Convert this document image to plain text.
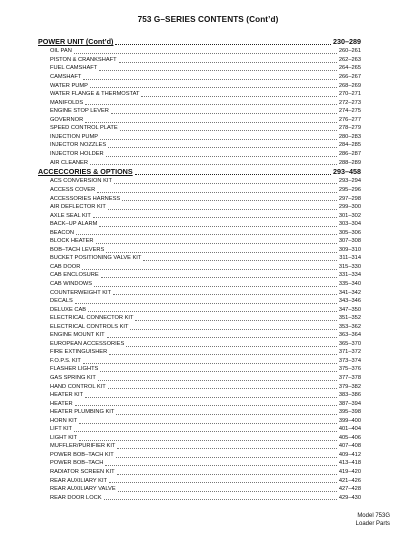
753 G–SERIES CONTENTS (Cont’d)
POWER UNIT (Cont’d)	230–289
OIL PAN	260–261
PISTON & CRANKSHAFT	262–263
FUEL CAMSHAFT	264–265
CAMSHAFT	266–267
WATER PUMP	268–269
WATER FLANGE & THERMOSTAT	270–271
MANIFOLDS	272–273
ENGINE STOP LEVER	274–275
GOVERNOR	276–277
SPEED CONTROL PLATE	278–279
INJECTION PUMP	280–283
INJECTOR NOZZLES	284–285
INJECTOR HOLDER	286–287
AIR CLEANER	288–289
ACCECCORIES & OPTIONS	293–458
ACS CONVERSION KIT	293–294
ACCESS COVER	295–296
ACCESSORIES HARNESS	297–298
AIR DEFLECTOR KIT	299–300
AXLE SEAL KIT	301–302
BACK–UP ALARM	303–304
BEACON	305–306
BLOCK HEATER	307–308
BOB–TACH LEVERS	309–310
BUCKET POSITIONING VALVE KIT	311–314
CAB DOOR	315–330
CAB ENCLOSURE	331–334
CAB WINDOWS	335–340
COUNTERWEIGHT KIT	341–342
DECALS	343–346
DELUXE CAB	347–350
ELECTRICAL CONNECTOR KIT	351–352
ELECTRICAL CONTROLS KIT	353–362
ENGINE MOUNT KIT	363–364
EUROPEAN ACCESSORIES	365–370
FIRE EXTINGUISHER	371–372
F.O.P.S. KIT	373–374
FLASHER LIGHTS	375–376
GAS SPRING KIT	377–378
HAND CONTROL KIT	379–382
HEATER KIT	383–386
HEATER	387–394
HEATER PLUMBING KIT	395–398
HORN KIT	399–400
LIFT KIT	401–404
LIGHT KIT	405–406
MUFFLER/PURIFIER KIT	407–408
POWER BOB–TACH KIT	409–412
POWER BOB–TACH	413–418
RADIATOR SCREEN KIT	419–420
REAR AUXILIARY KIT	421–426
REAR AUXILIARY VALVE	427–428
REAR DOOR LOCK	429–430
Model 753G
Loader Parts
